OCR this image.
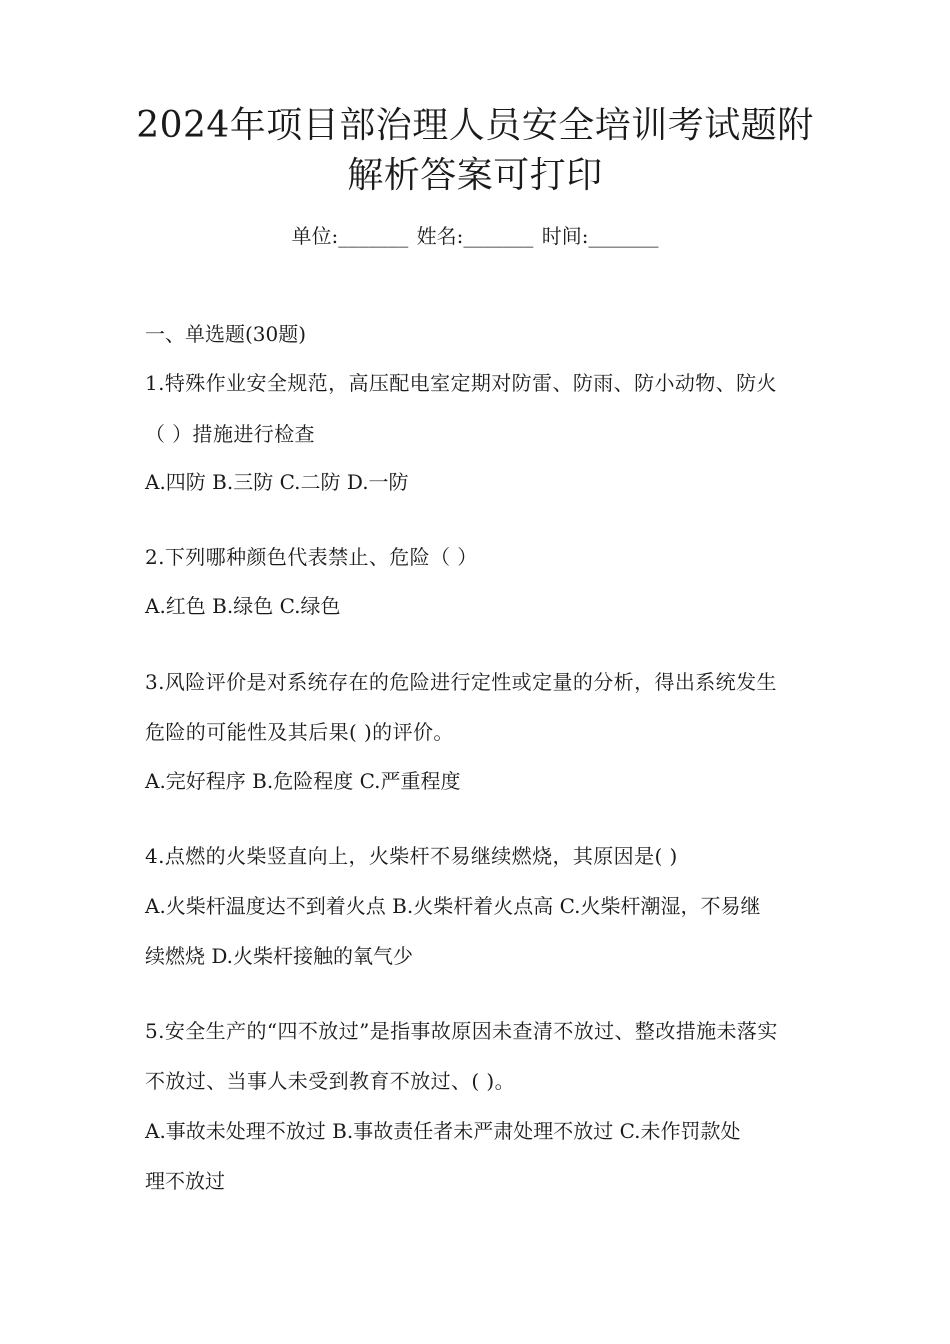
2024年项目部治理人员安全培训考试题附
解析答案可打印
单位:_______ 姓名:_______ 时间:_______
一、单选题(30题)
1.特殊作业安全规范，高压配电室定期对防雷、防雨、防小动物、防火
（ ）措施进行检查
A.四防 B.三防 C.二防 D.一防
2.下列哪种颜色代表禁止、危险（ ）
A.红色 B.绿色 C.绿色
3.风险评价是对系统存在的危险进行定性或定量的分析，得出系统发生
危险的可能性及其后果( )的评价。
A.完好程序 B.危险程度 C.严重程度
4.点燃的火柴竖直向上，火柴杆不易继续燃烧，其原因是( )
A.火柴杆温度达不到着火点 B.火柴杆着火点高 C.火柴杆潮湿，不易继
续燃烧 D.火柴杆接触的氧气少
5.安全生产的“四不放过”是指事故原因未查清不放过、整改措施未落实
不放过、当事人未受到教育不放过、( )。
A.事故未处理不放过 B.事故责任者未严肃处理不放过 C.未作罚款处
理不放过
